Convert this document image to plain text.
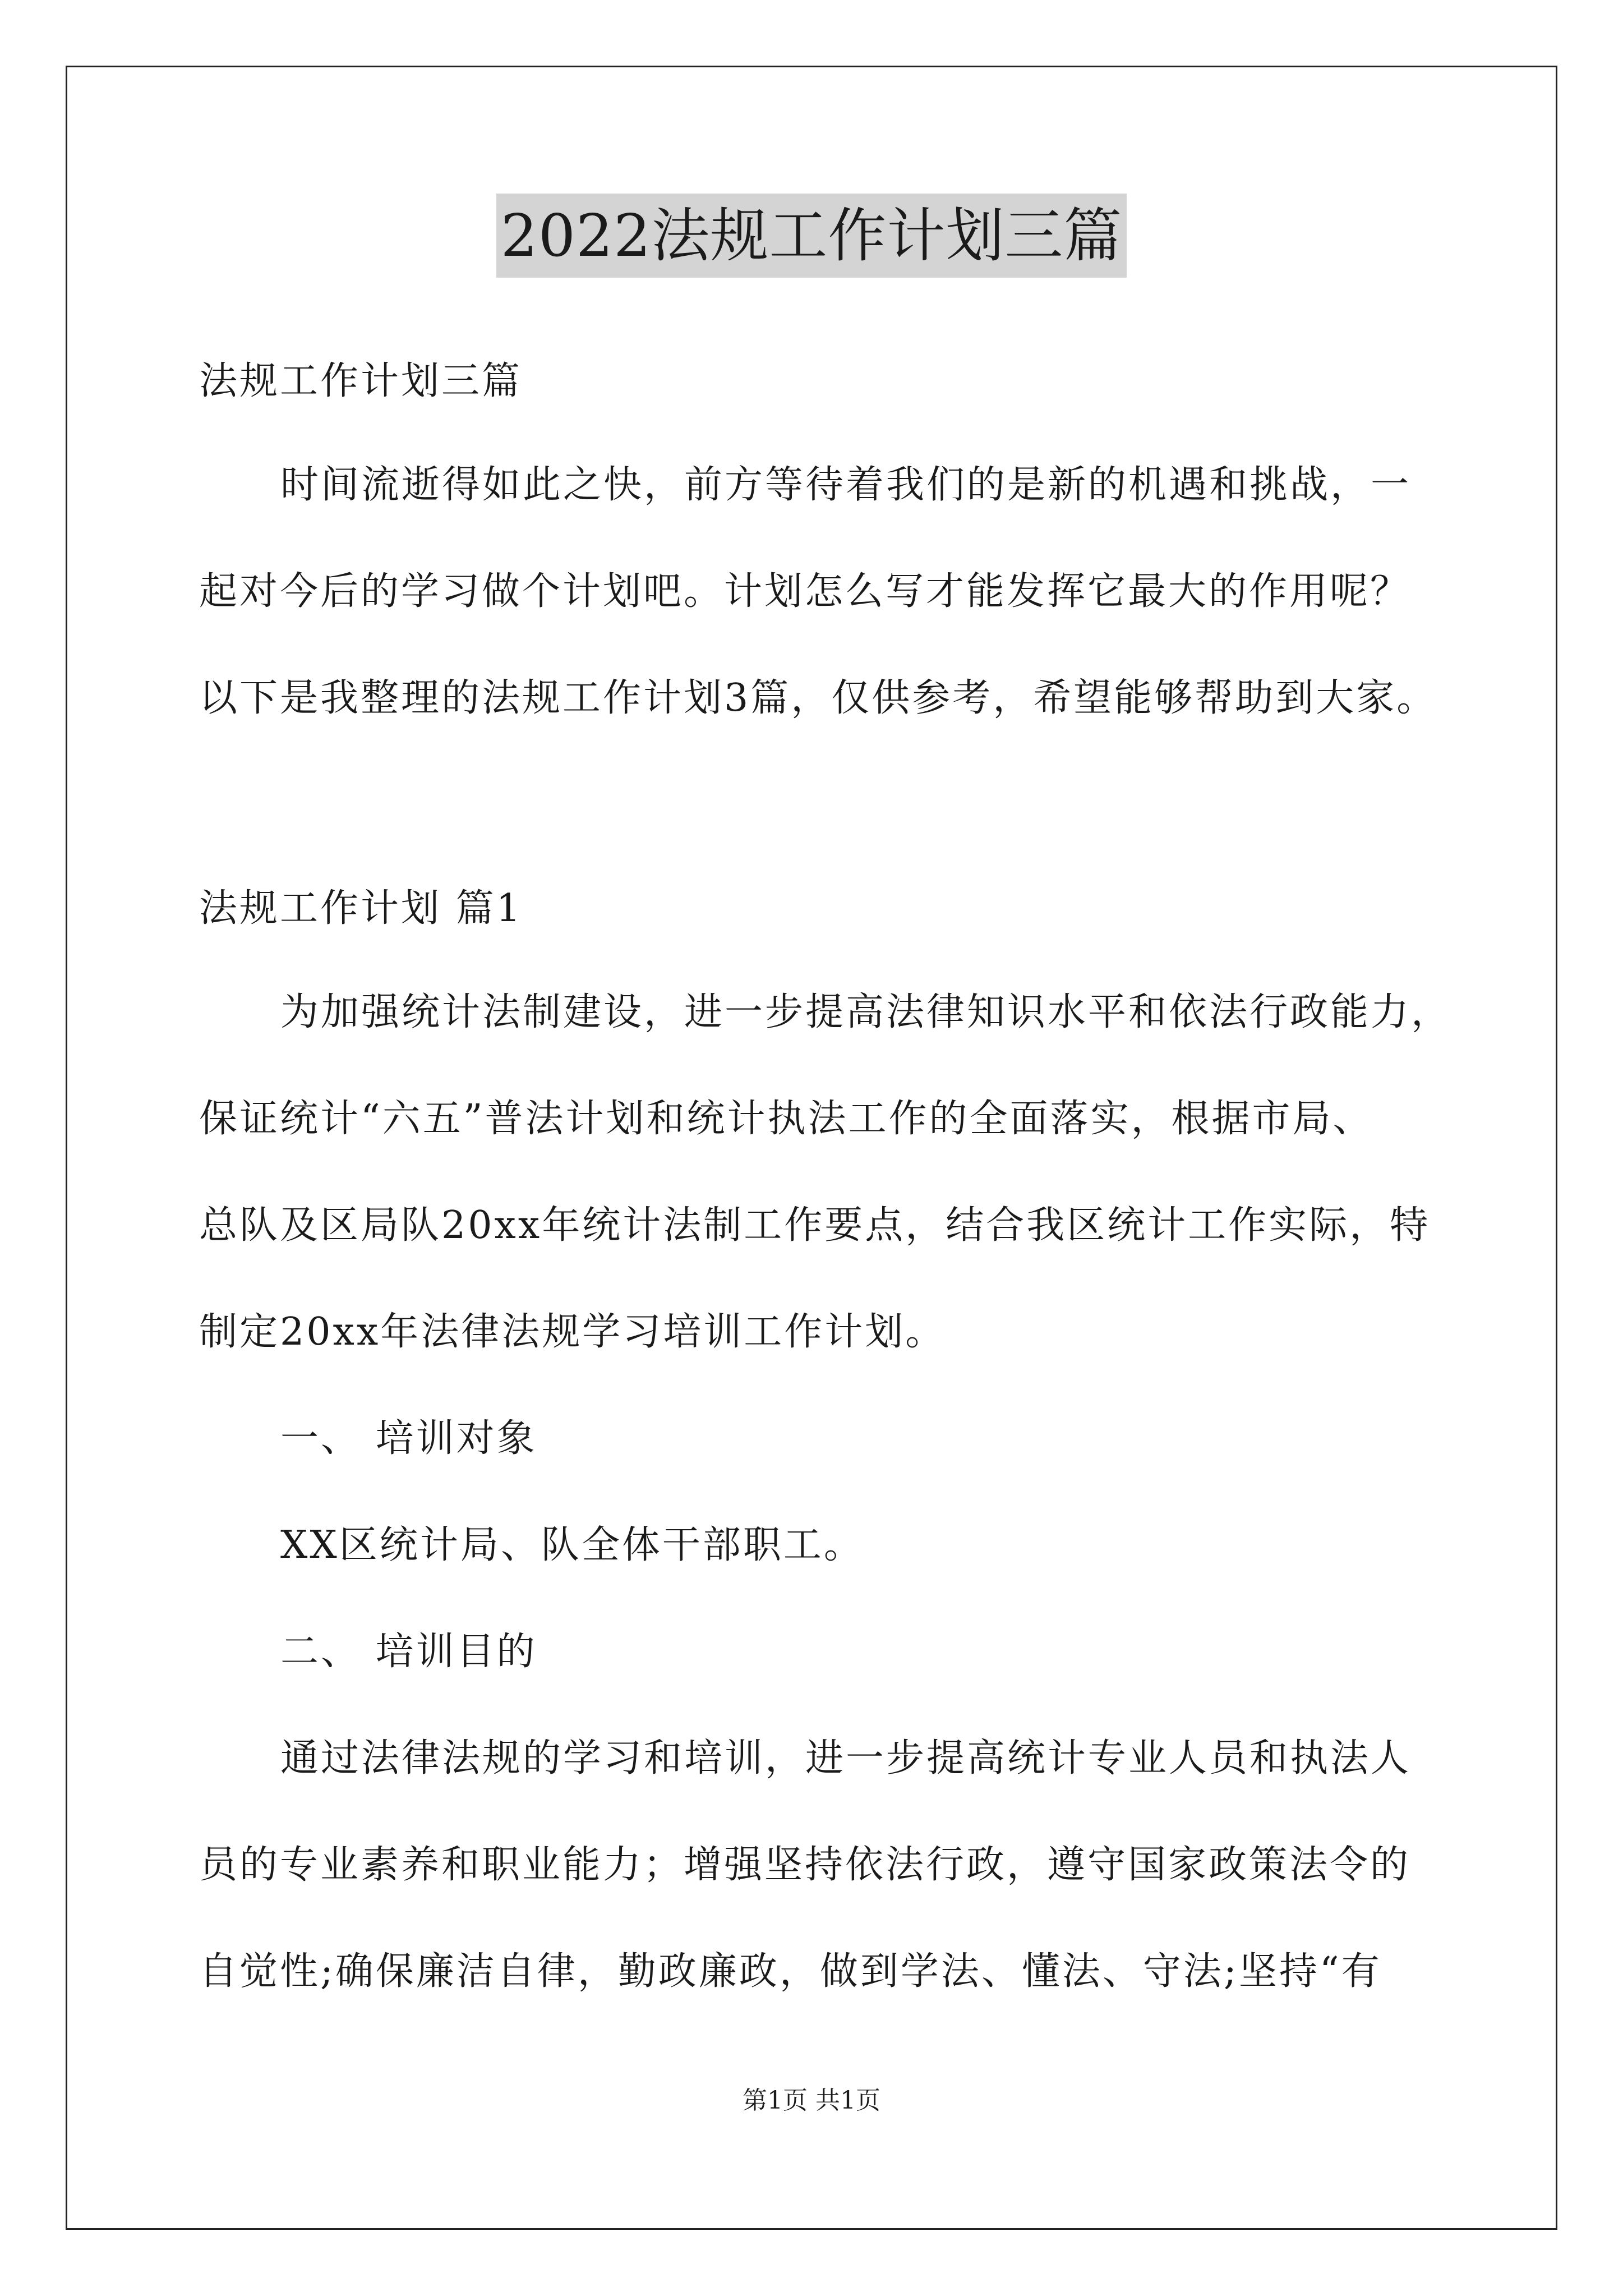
2022法规工作计划三篇
法规工作计划三篇
时间流逝得如此之快，前方等待着我们的是新的机遇和挑战，一
起对今后的学习做个计划吧。计划怎么写才能发挥它最大的作用呢？
以下是我整理的法规工作计划3篇，仅供参考，希望能够帮助到大家。
法规工作计划 篇1
为加强统计法制建设，进一步提高法律知识水平和依法行政能力，
保证统计“六五”普法计划和统计执法工作的全面落实，根据市局、
总队及区局队20xx年统计法制工作要点，结合我区统计工作实际，特
制定20xx年法律法规学习培训工作计划。
一、 培训对象
XX区统计局、队全体干部职工。
二、 培训目的
通过法律法规的学习和培训，进一步提高统计专业人员和执法人
员的专业素养和职业能力；增强坚持依法行政，遵守国家政策法令的
自觉性;确保廉洁自律，勤政廉政，做到学法、懂法、守法;坚持“有
第1页 共1页
